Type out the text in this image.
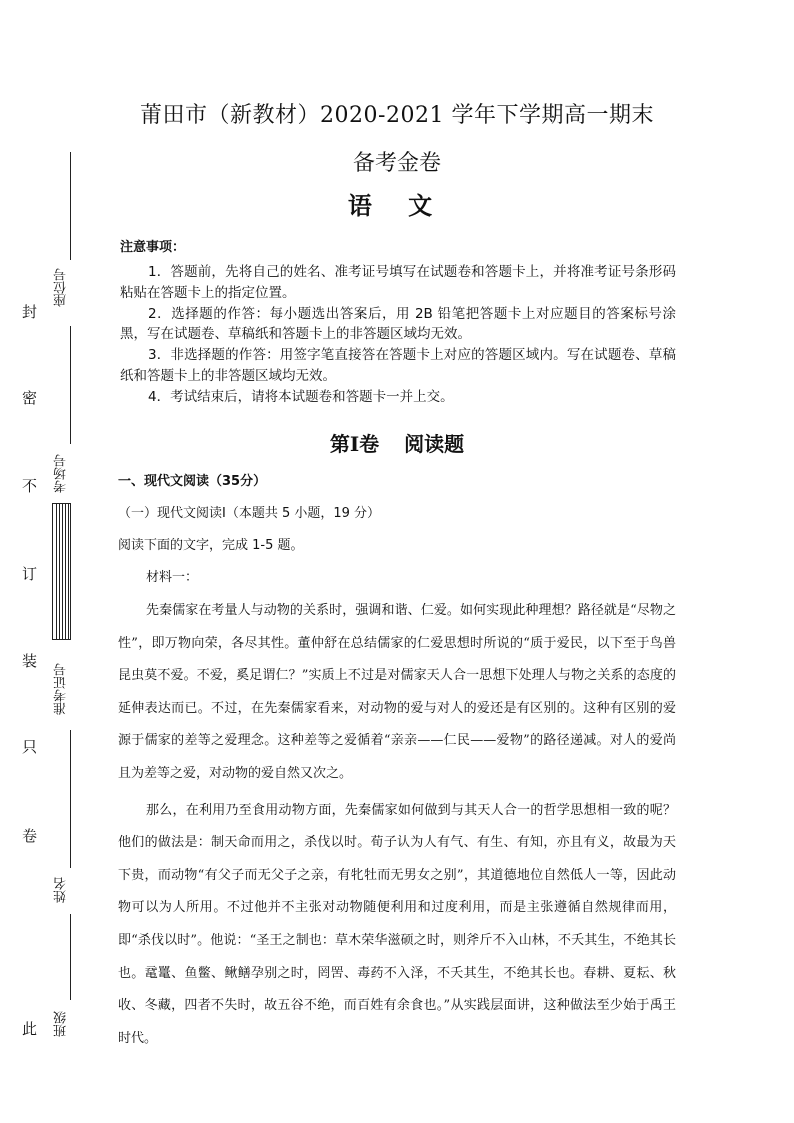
莆田市（新教材）2020-2021 学年下学期高一期末
备考金卷
语 文
注意事项：

1．答题前，先将自己的姓名、准考证号填写在试题卷和答题卡上，并将准考证号条形码粘贴在答题卡上的指定位置。

2．选择题的作答：每小题选出答案后，用 2B 铅笔把答题卡上对应题目的答案标号涂黑，写在试题卷、草稿纸和答题卡上的非答题区域均无效。

3．非选择题的作答：用签字笔直接答在答题卡上对应的答题区域内。写在试题卷、草稿纸和答题卡上的非答题区域均无效。

4．考试结束后，请将本试题卷和答题卡一并上交。

第Ⅰ卷 阅读题
一、现代文阅读（35分）
（一）现代文阅读Ⅰ（本题共 5 小题，19 分）
阅读下面的文字，完成 1-5 题。
材料一：

先秦儒家在考量人与动物的关系时，强调和谐、仁爱。如何实现此种理想？路径就是“尽物之性”，即万物向荣，各尽其性。董仲舒在总结儒家的仁爱思想时所说的“质于爱民，以下至于鸟兽昆虫莫不爱。不爱，奚足谓仁？”实质上不过是对儒家天人合一思想下处理人与物之关系的态度的延伸表达而已。不过，在先秦儒家看来，对动物的爱与对人的爱还是有区别的。这种有区别的爱源于儒家的差等之爱理念。这种差等之爱循着“亲亲——仁民——爱物”的路径递减。对人的爱尚且为差等之爱，对动物的爱自然又次之。

那么，在利用乃至食用动物方面，先秦儒家如何做到与其天人合一的哲学思想相一致的呢？他们的做法是：制天命而用之，杀伐以时。荀子认为人有气、有生、有知，亦且有义，故最为天下贵，而动物“有父子而无父子之亲，有牝牡而无男女之别”，其道德地位自然低人一等，因此动物可以为人所用。不过他并不主张对动物随便利用和过度利用，而是主张遵循自然规律而用，即“杀伐以时”。他说：“圣王之制也：草木荣华滋硕之时，则斧斤不入山林，不夭其生，不绝其长也。鼋鼍、鱼鳖、鳅鳝孕别之时，罔罟、毒药不入泽，不夭其生，不绝其长也。春耕、夏耘、秋收、冬藏，四者不失时，故五谷不绝，而百姓有余食也。”从实践层面讲，这种做法至少始于禹王时代。

此
卷
只
装
订
不
密
封
班级
姓名
准考证号
考场号
座位号
